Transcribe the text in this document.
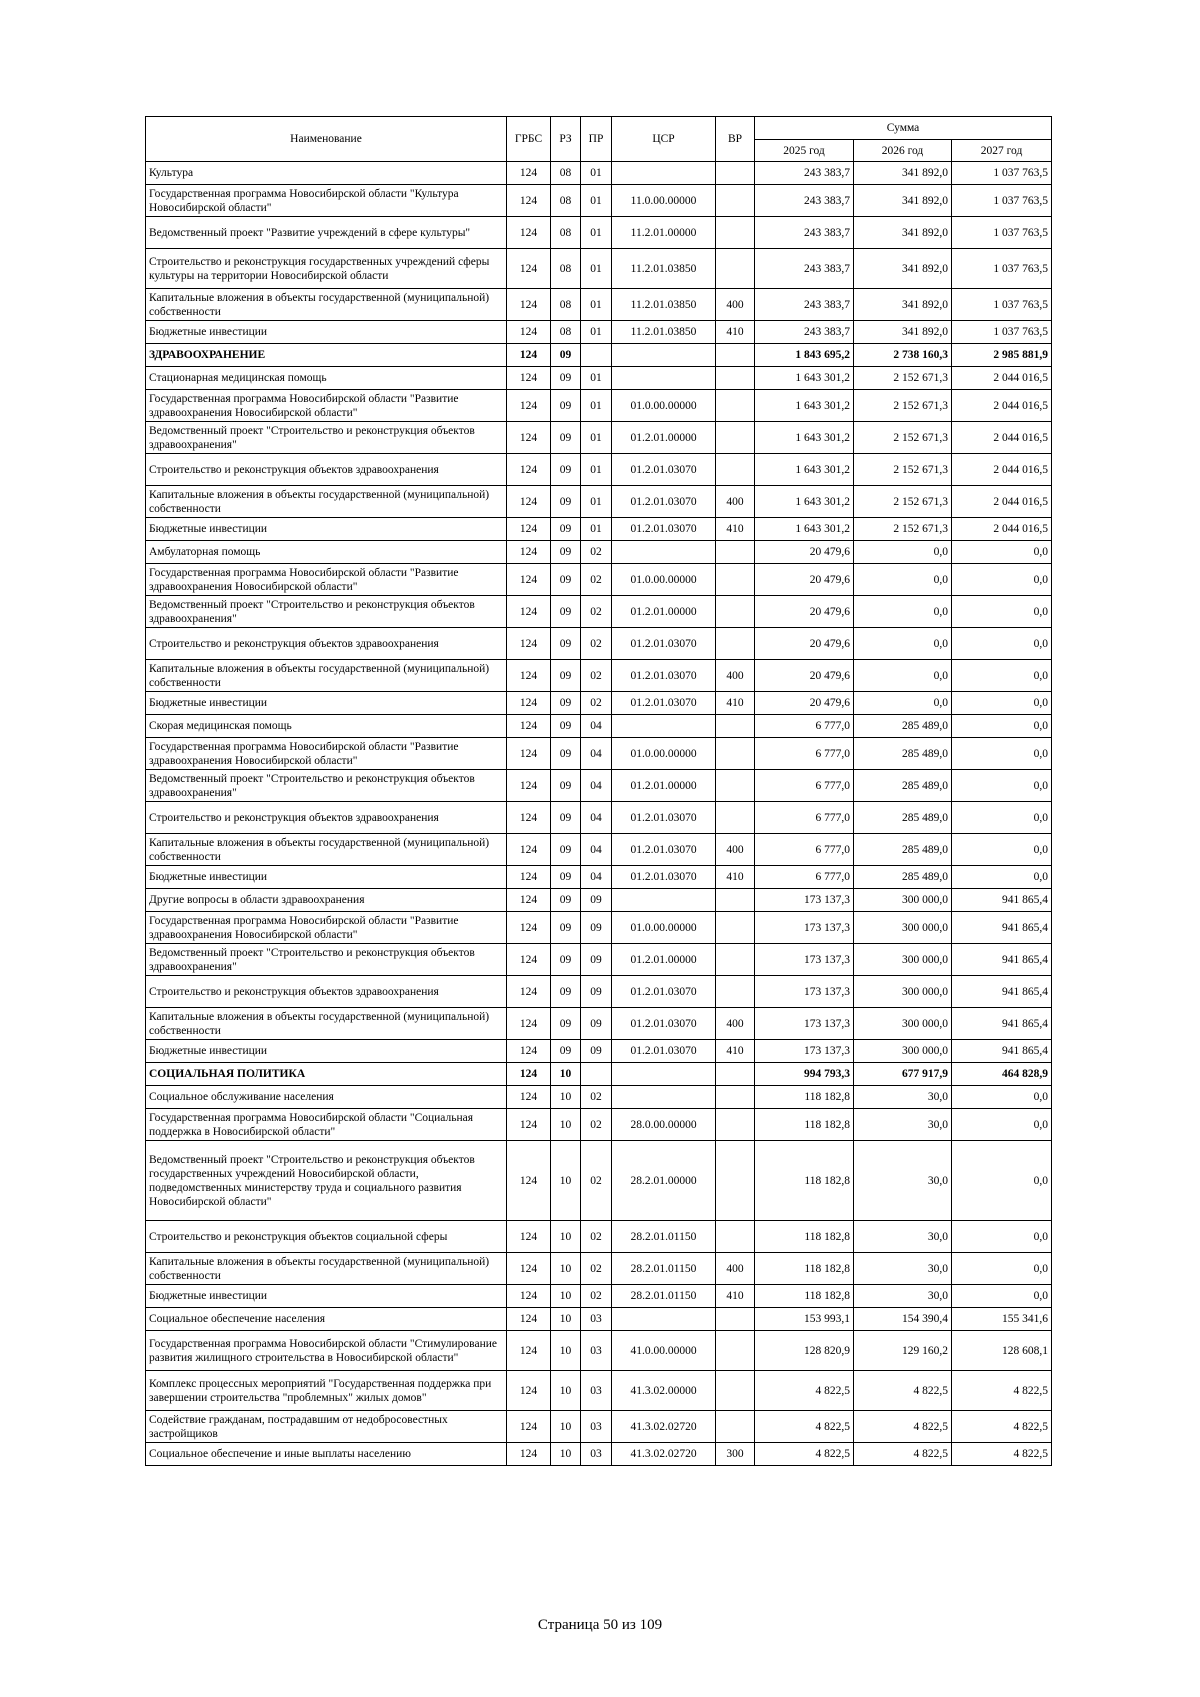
Наименование	ГРБС	РЗ	ПР	ЦСР	ВР	Сумма		
						2025 год	2026 год	2027 год
Культура	124	08	01			243 383,7	341 892,0	1 037 763,5
Государственная программа Новосибирской области "Культура Новосибирской области"	124	08	01	11.0.00.00000		243 383,7	341 892,0	1 037 763,5
Ведомственный проект "Развитие учреждений в сфере культуры"	124	08	01	11.2.01.00000		243 383,7	341 892,0	1 037 763,5
Строительство и реконструкция государственных учреждений сферы культуры на территории Новосибирской области	124	08	01	11.2.01.03850		243 383,7	341 892,0	1 037 763,5
Капитальные вложения в объекты государственной (муниципальной) собственности	124	08	01	11.2.01.03850	400	243 383,7	341 892,0	1 037 763,5
Бюджетные инвестиции	124	08	01	11.2.01.03850	410	243 383,7	341 892,0	1 037 763,5
ЗДРАВООХРАНЕНИЕ	124	09				1 843 695,2	2 738 160,3	2 985 881,9
Стационарная медицинская помощь	124	09	01			1 643 301,2	2 152 671,3	2 044 016,5
Государственная программа Новосибирской области "Развитие здравоохранения Новосибирской области"	124	09	01	01.0.00.00000		1 643 301,2	2 152 671,3	2 044 016,5
Ведомственный проект "Строительство и реконструкция объектов здравоохранения"	124	09	01	01.2.01.00000		1 643 301,2	2 152 671,3	2 044 016,5
Строительство и реконструкция объектов здравоохранения	124	09	01	01.2.01.03070		1 643 301,2	2 152 671,3	2 044 016,5
Капитальные вложения в объекты государственной (муниципальной) собственности	124	09	01	01.2.01.03070	400	1 643 301,2	2 152 671,3	2 044 016,5
Бюджетные инвестиции	124	09	01	01.2.01.03070	410	1 643 301,2	2 152 671,3	2 044 016,5
Амбулаторная помощь	124	09	02			20 479,6	0,0	0,0
Государственная программа Новосибирской области "Развитие здравоохранения Новосибирской области"	124	09	02	01.0.00.00000		20 479,6	0,0	0,0
Ведомственный проект "Строительство и реконструкция объектов здравоохранения"	124	09	02	01.2.01.00000		20 479,6	0,0	0,0
Строительство и реконструкция объектов здравоохранения	124	09	02	01.2.01.03070		20 479,6	0,0	0,0
Капитальные вложения в объекты государственной (муниципальной) собственности	124	09	02	01.2.01.03070	400	20 479,6	0,0	0,0
Бюджетные инвестиции	124	09	02	01.2.01.03070	410	20 479,6	0,0	0,0
Скорая медицинская помощь	124	09	04			6 777,0	285 489,0	0,0
Государственная программа Новосибирской области "Развитие здравоохранения Новосибирской области"	124	09	04	01.0.00.00000		6 777,0	285 489,0	0,0
Ведомственный проект "Строительство и реконструкция объектов здравоохранения"	124	09	04	01.2.01.00000		6 777,0	285 489,0	0,0
Строительство и реконструкция объектов здравоохранения	124	09	04	01.2.01.03070		6 777,0	285 489,0	0,0
Капитальные вложения в объекты государственной (муниципальной) собственности	124	09	04	01.2.01.03070	400	6 777,0	285 489,0	0,0
Бюджетные инвестиции	124	09	04	01.2.01.03070	410	6 777,0	285 489,0	0,0
Другие вопросы в области здравоохранения	124	09	09			173 137,3	300 000,0	941 865,4
Государственная программа Новосибирской области "Развитие здравоохранения Новосибирской области"	124	09	09	01.0.00.00000		173 137,3	300 000,0	941 865,4
Ведомственный проект "Строительство и реконструкция объектов здравоохранения"	124	09	09	01.2.01.00000		173 137,3	300 000,0	941 865,4
Строительство и реконструкция объектов здравоохранения	124	09	09	01.2.01.03070		173 137,3	300 000,0	941 865,4
Капитальные вложения в объекты государственной (муниципальной) собственности	124	09	09	01.2.01.03070	400	173 137,3	300 000,0	941 865,4
Бюджетные инвестиции	124	09	09	01.2.01.03070	410	173 137,3	300 000,0	941 865,4
СОЦИАЛЬНАЯ ПОЛИТИКА	124	10				994 793,3	677 917,9	464 828,9
Социальное обслуживание населения	124	10	02			118 182,8	30,0	0,0
Государственная программа Новосибирской области "Социальная поддержка в Новосибирской области"	124	10	02	28.0.00.00000		118 182,8	30,0	0,0
Ведомственный проект "Строительство и реконструкция объектов государственных учреждений Новосибирской области, подведомственных министерству труда и социального развития Новосибирской области"	124	10	02	28.2.01.00000		118 182,8	30,0	0,0
Строительство и реконструкция объектов социальной сферы	124	10	02	28.2.01.01150		118 182,8	30,0	0,0
Капитальные вложения в объекты государственной (муниципальной) собственности	124	10	02	28.2.01.01150	400	118 182,8	30,0	0,0
Бюджетные инвестиции	124	10	02	28.2.01.01150	410	118 182,8	30,0	0,0
Социальное обеспечение населения	124	10	03			153 993,1	154 390,4	155 341,6
Государственная программа Новосибирской области "Стимулирование развития жилищного строительства в Новосибирской области"	124	10	03	41.0.00.00000		128 820,9	129 160,2	128 608,1
Комплекс процессных мероприятий "Государственная поддержка при завершении строительства "проблемных" жилых домов"	124	10	03	41.3.02.00000		4 822,5	4 822,5	4 822,5
Содействие гражданам, пострадавшим от недобросовестных застройщиков	124	10	03	41.3.02.02720		4 822,5	4 822,5	4 822,5
Социальное обеспечение и иные выплаты населению	124	10	03	41.3.02.02720	300	4 822,5	4 822,5	4 822,5
Страница 50 из 109
